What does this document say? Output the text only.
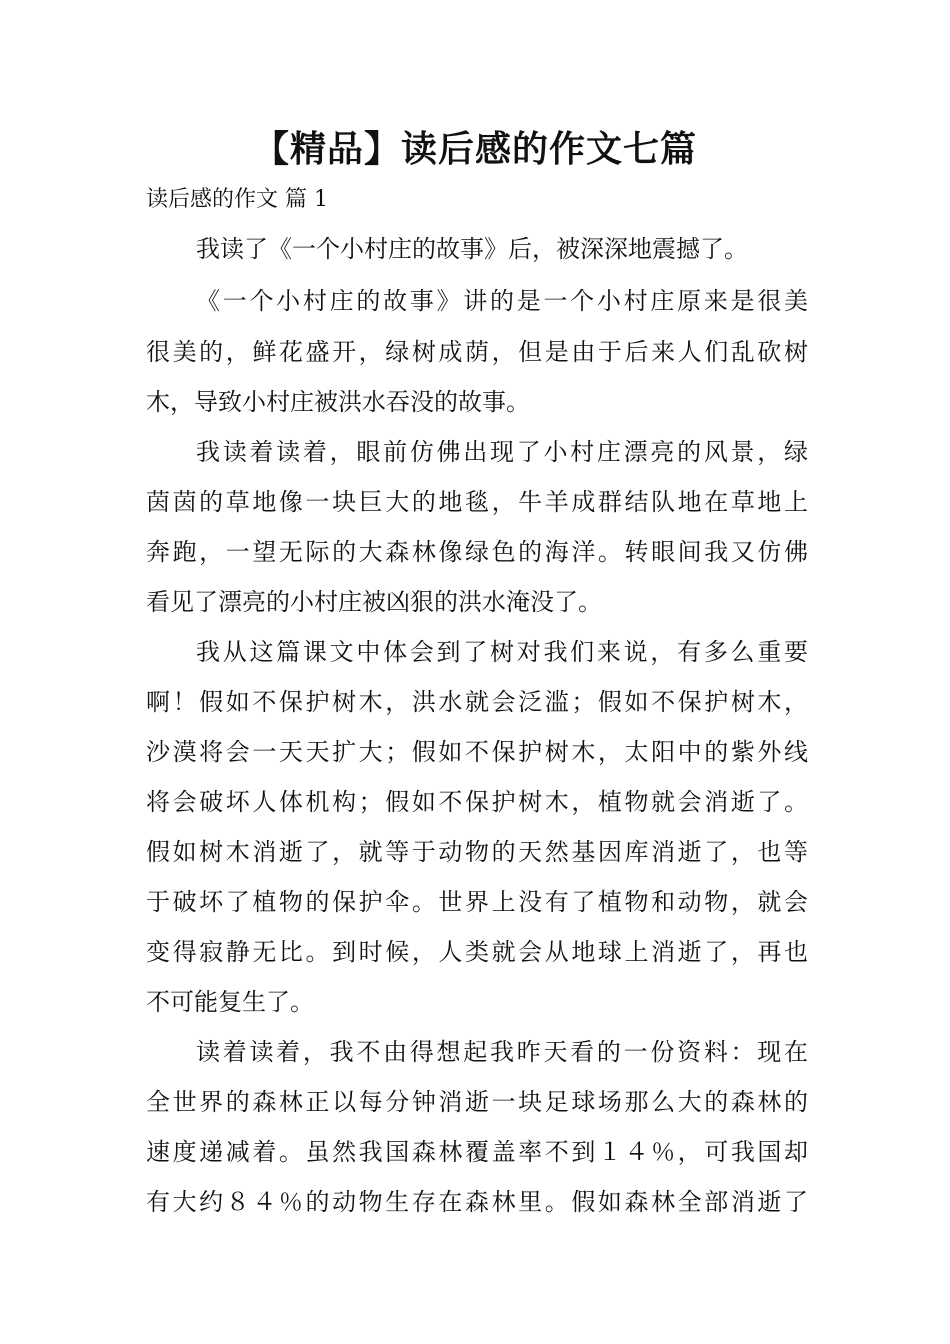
【精品】读后感的作文七篇
读后感的作文 篇 1
我读了《一个小村庄的故事》后，被深深地震撼了。
《一个小村庄的故事》讲的是一个小村庄原来是很美
很美的，鲜花盛开，绿树成荫，但是由于后来人们乱砍树
木，导致小村庄被洪水吞没的故事。
我读着读着，眼前仿佛出现了小村庄漂亮的风景，绿
茵茵的草地像一块巨大的地毯，牛羊成群结队地在草地上
奔跑，一望无际的大森林像绿色的海洋。转眼间我又仿佛
看见了漂亮的小村庄被凶狠的洪水淹没了。
我从这篇课文中体会到了树对我们来说，有多么重要
啊！假如不保护树木，洪水就会泛滥；假如不保护树木，
沙漠将会一天天扩大；假如不保护树木，太阳中的紫外线
将会破坏人体机构；假如不保护树木，植物就会消逝了。
假如树木消逝了，就等于动物的天然基因库消逝了，也等
于破坏了植物的保护伞。世界上没有了植物和动物，就会
变得寂静无比。到时候，人类就会从地球上消逝了，再也
不可能复生了。
读着读着，我不由得想起我昨天看的一份资料：现在
全世界的森林正以每分钟消逝一块足球场那么大的森林的
速度递减着。虽然我国森林覆盖率不到１４％，可我国却
有大约８４％的动物生存在森林里。假如森林全部消逝了
